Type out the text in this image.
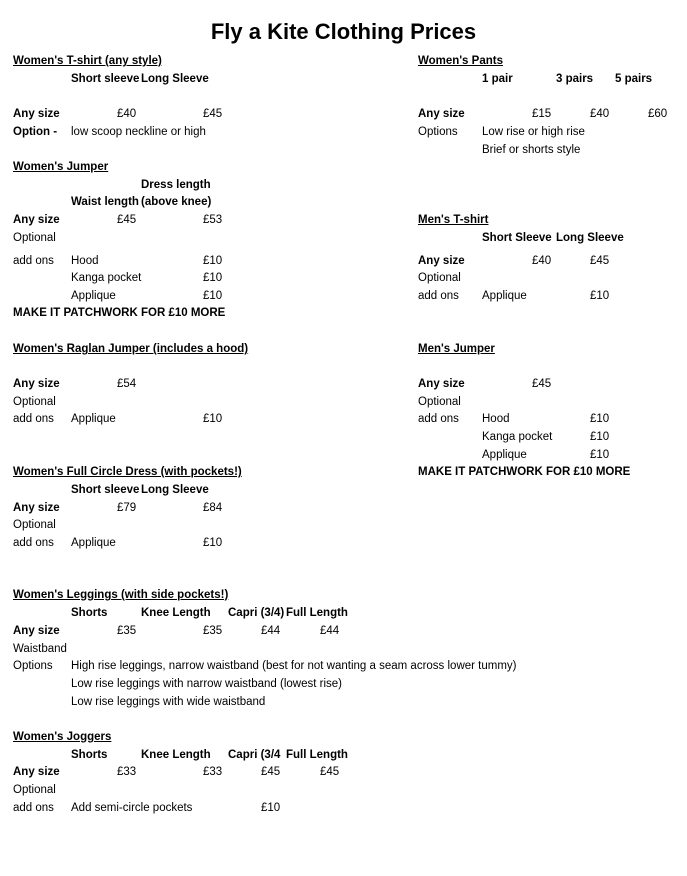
Fly a Kite Clothing Prices
Women's T-shirt (any style)
Short sleeve Long Sleeve
Any size	£40	£45
Option - low scoop neckline or high
Women's Jumper
Dress length
Waist length (above knee)
Any size	£45	£53
Optional
add ons Hood	£10
Kanga pocket	£10
Applique	£10
MAKE IT PATCHWORK FOR £10 MORE
Women's Raglan Jumper (includes a hood)
Any size	£54
Optional
add ons Applique	£10
Women's Full Circle Dress (with pockets!)
Short sleeve Long Sleeve
Any size	£79	£84
Optional
add ons Applique	£10
Women's Leggings (with side pockets!)
Shorts	Knee Length Capri (3/4) Full Length
Any size	£35	£35	£44	£44
Waistband
Options High rise leggings, narrow waistband (best for not wanting a seam across lower tummy)
Low rise leggings with narrow waistband (lowest rise)
Low rise leggings with wide waistband
Women's Joggers
Shorts	Knee Length Capri (3/4 Full Length
Any size	£33	£33	£45	£45
Optional
add ons Add semi-circle pockets	£10
Women's Pants
1 pair	3 pairs 5 pairs
Any size	£15	£40	£60
Options Low rise or high rise
Brief or shorts style
Men's T-shirt
Short Sleeve Long Sleeve
Any size	£40	£45
Optional
add ons Applique	£10
Men's Jumper
Any size	£45
Optional
add ons Hood	£10
Kanga pocket	£10
Applique	£10
MAKE IT PATCHWORK FOR £10 MORE
